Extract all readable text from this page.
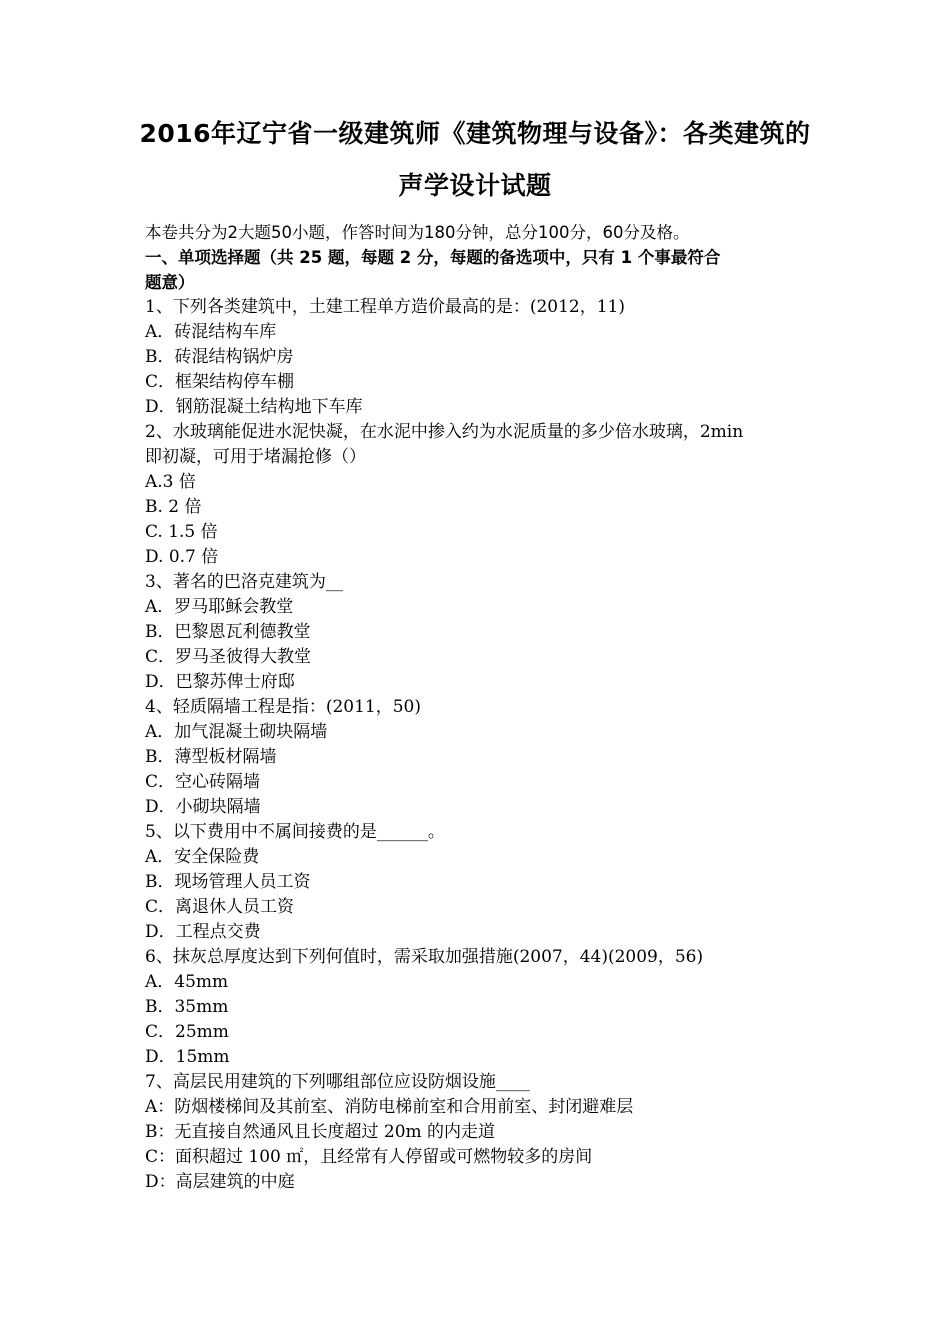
2016年辽宁省一级建筑师《建筑物理与设备》：各类建筑的
声学设计试题
本卷共分为2大题50小题，作答时间为180分钟，总分100分，60分及格。
一、单项选择题（共 25 题，每题 2 分，每题的备选项中，只有 1 个事最符合
题意）
1、下列各类建筑中，土建工程单方造价最高的是：(2012，11)
A．砖混结构车库
B．砖混结构锅炉房
C．框架结构停车棚
D．钢筋混凝土结构地下车库
2、水玻璃能促进水泥快凝，在水泥中掺入约为水泥质量的多少倍水玻璃，2min
即初凝，可用于堵漏抢修（）
A.3 倍
B. 2 倍
C. 1.5 倍
D. 0.7 倍
3、著名的巴洛克建筑为__
A．罗马耶稣会教堂
B．巴黎恩瓦利德教堂
C．罗马圣彼得大教堂
D．巴黎苏俾士府邸
4、轻质隔墙工程是指：(2011，50)
A．加气混凝土砌块隔墙
B．薄型板材隔墙
C．空心砖隔墙
D．小砌块隔墙
5、以下费用中不属间接费的是______。
A．安全保险费
B．现场管理人员工资
C．离退休人员工资
D．工程点交费
6、抹灰总厚度达到下列何值时，需采取加强措施(2007，44)(2009，56)
A．45mm
B．35mm
C．25mm
D．15mm
7、高层民用建筑的下列哪组部位应设防烟设施____
A：防烟楼梯间及其前室、消防电梯前室和合用前室、封闭避难层
B：无直接自然通风且长度超过 20m 的内走道
C：面积超过 100 ㎡，且经常有人停留或可燃物较多的房间
D：高层建筑的中庭
